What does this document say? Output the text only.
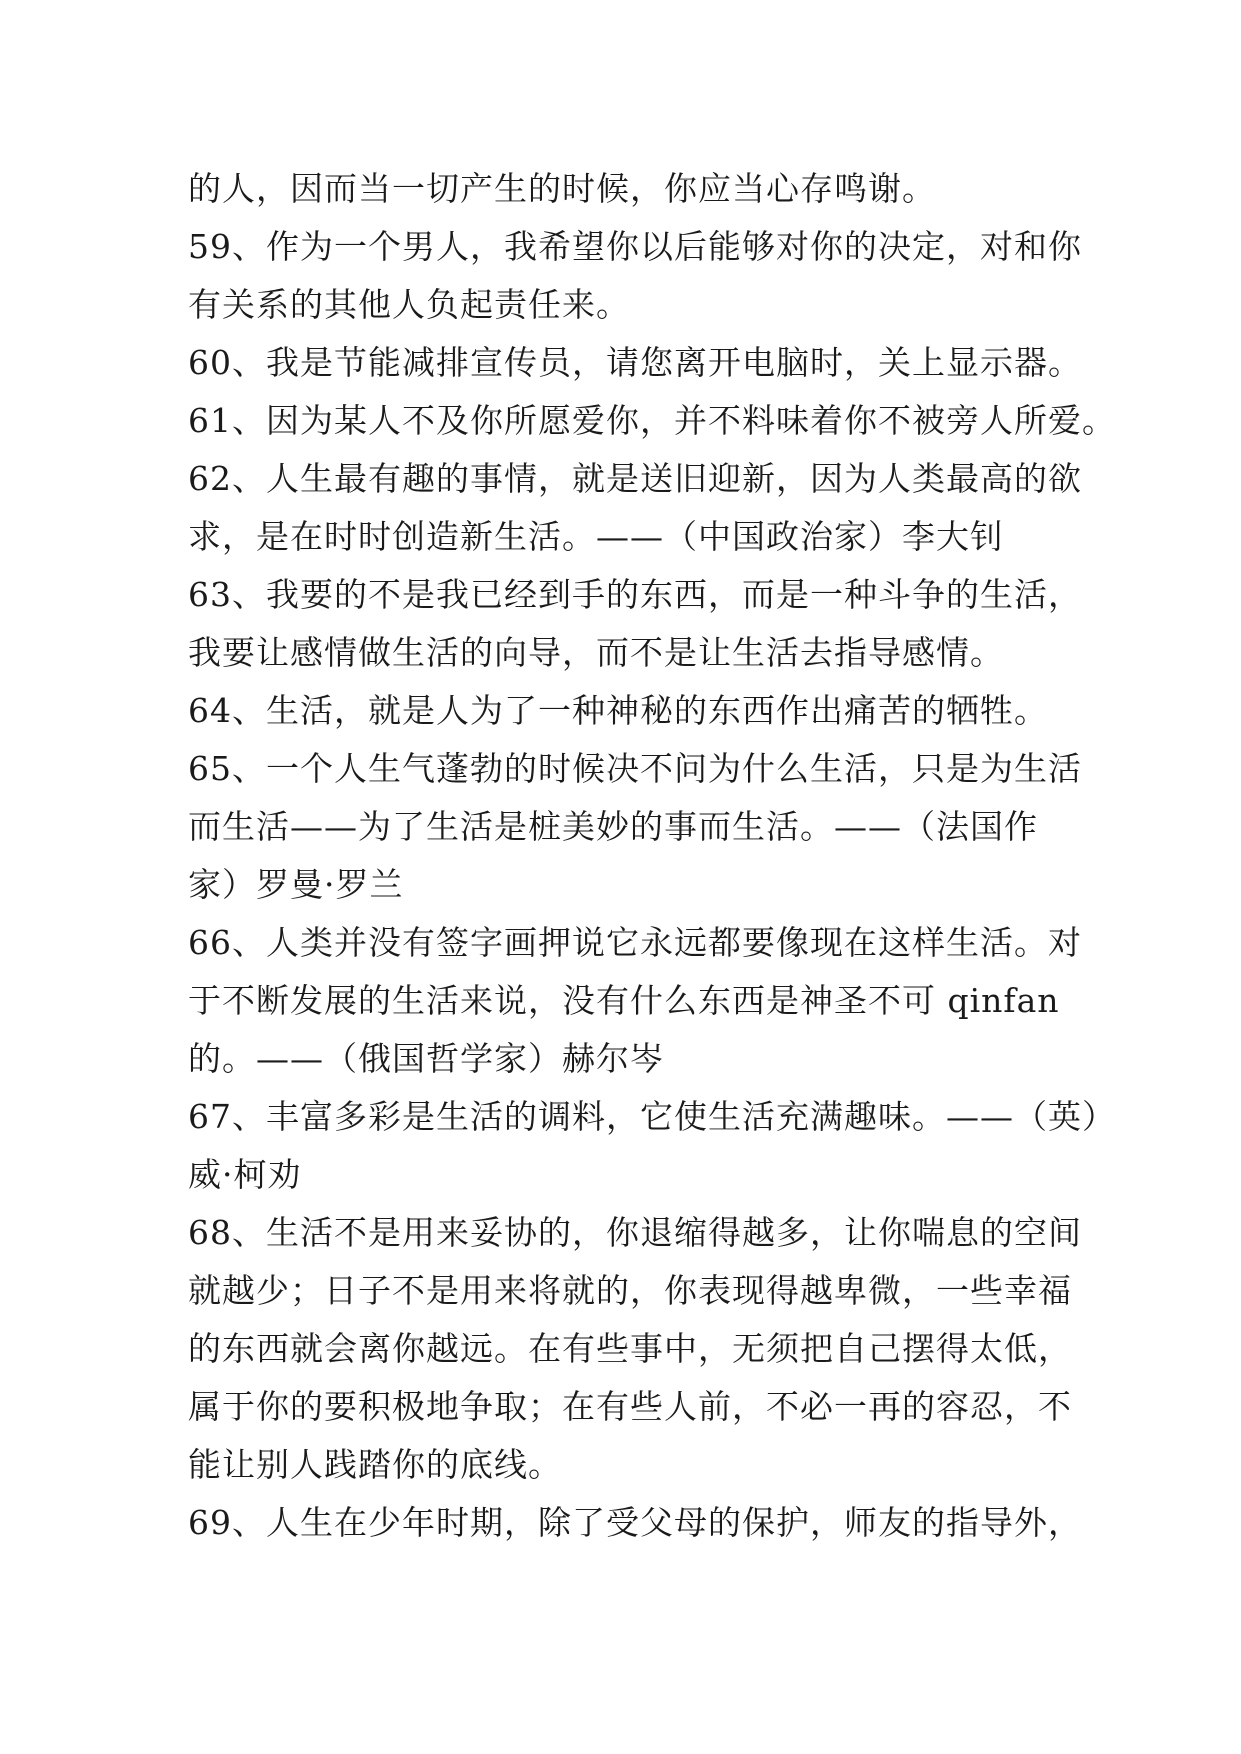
的人，因而当一切产生的时候，你应当心存鸣谢。
59、作为一个男人，我希望你以后能够对你的决定，对和你
有关系的其他人负起责任来。
60、我是节能减排宣传员，请您离开电脑时，关上显示器。
61、因为某人不及你所愿爱你，并不料味着你不被旁人所爱。
62、人生最有趣的事情，就是送旧迎新，因为人类最高的欲
求，是在时时创造新生活。——（中国政治家）李大钊
63、我要的不是我已经到手的东西，而是一种斗争的生活，
我要让感情做生活的向导，而不是让生活去指导感情。
64、生活，就是人为了一种神秘的东西作出痛苦的牺牲。
65、一个人生气蓬勃的时候决不问为什么生活，只是为生活
而生活——为了生活是桩美妙的事而生活。——（法国作
家）罗曼·罗兰
66、人类并没有签字画押说它永远都要像现在这样生活。对
于不断发展的生活来说，没有什么东西是神圣不可 qinfan
的。——（俄国哲学家）赫尔岑
67、丰富多彩是生活的调料，它使生活充满趣味。——（英）
威·柯劝
68、生活不是用来妥协的，你退缩得越多，让你喘息的空间
就越少；日子不是用来将就的，你表现得越卑微，一些幸福
的东西就会离你越远。在有些事中，无须把自己摆得太低，
属于你的要积极地争取；在有些人前，不必一再的容忍，不
能让别人践踏你的底线。
69、人生在少年时期，除了受父母的保护，师友的指导外，
